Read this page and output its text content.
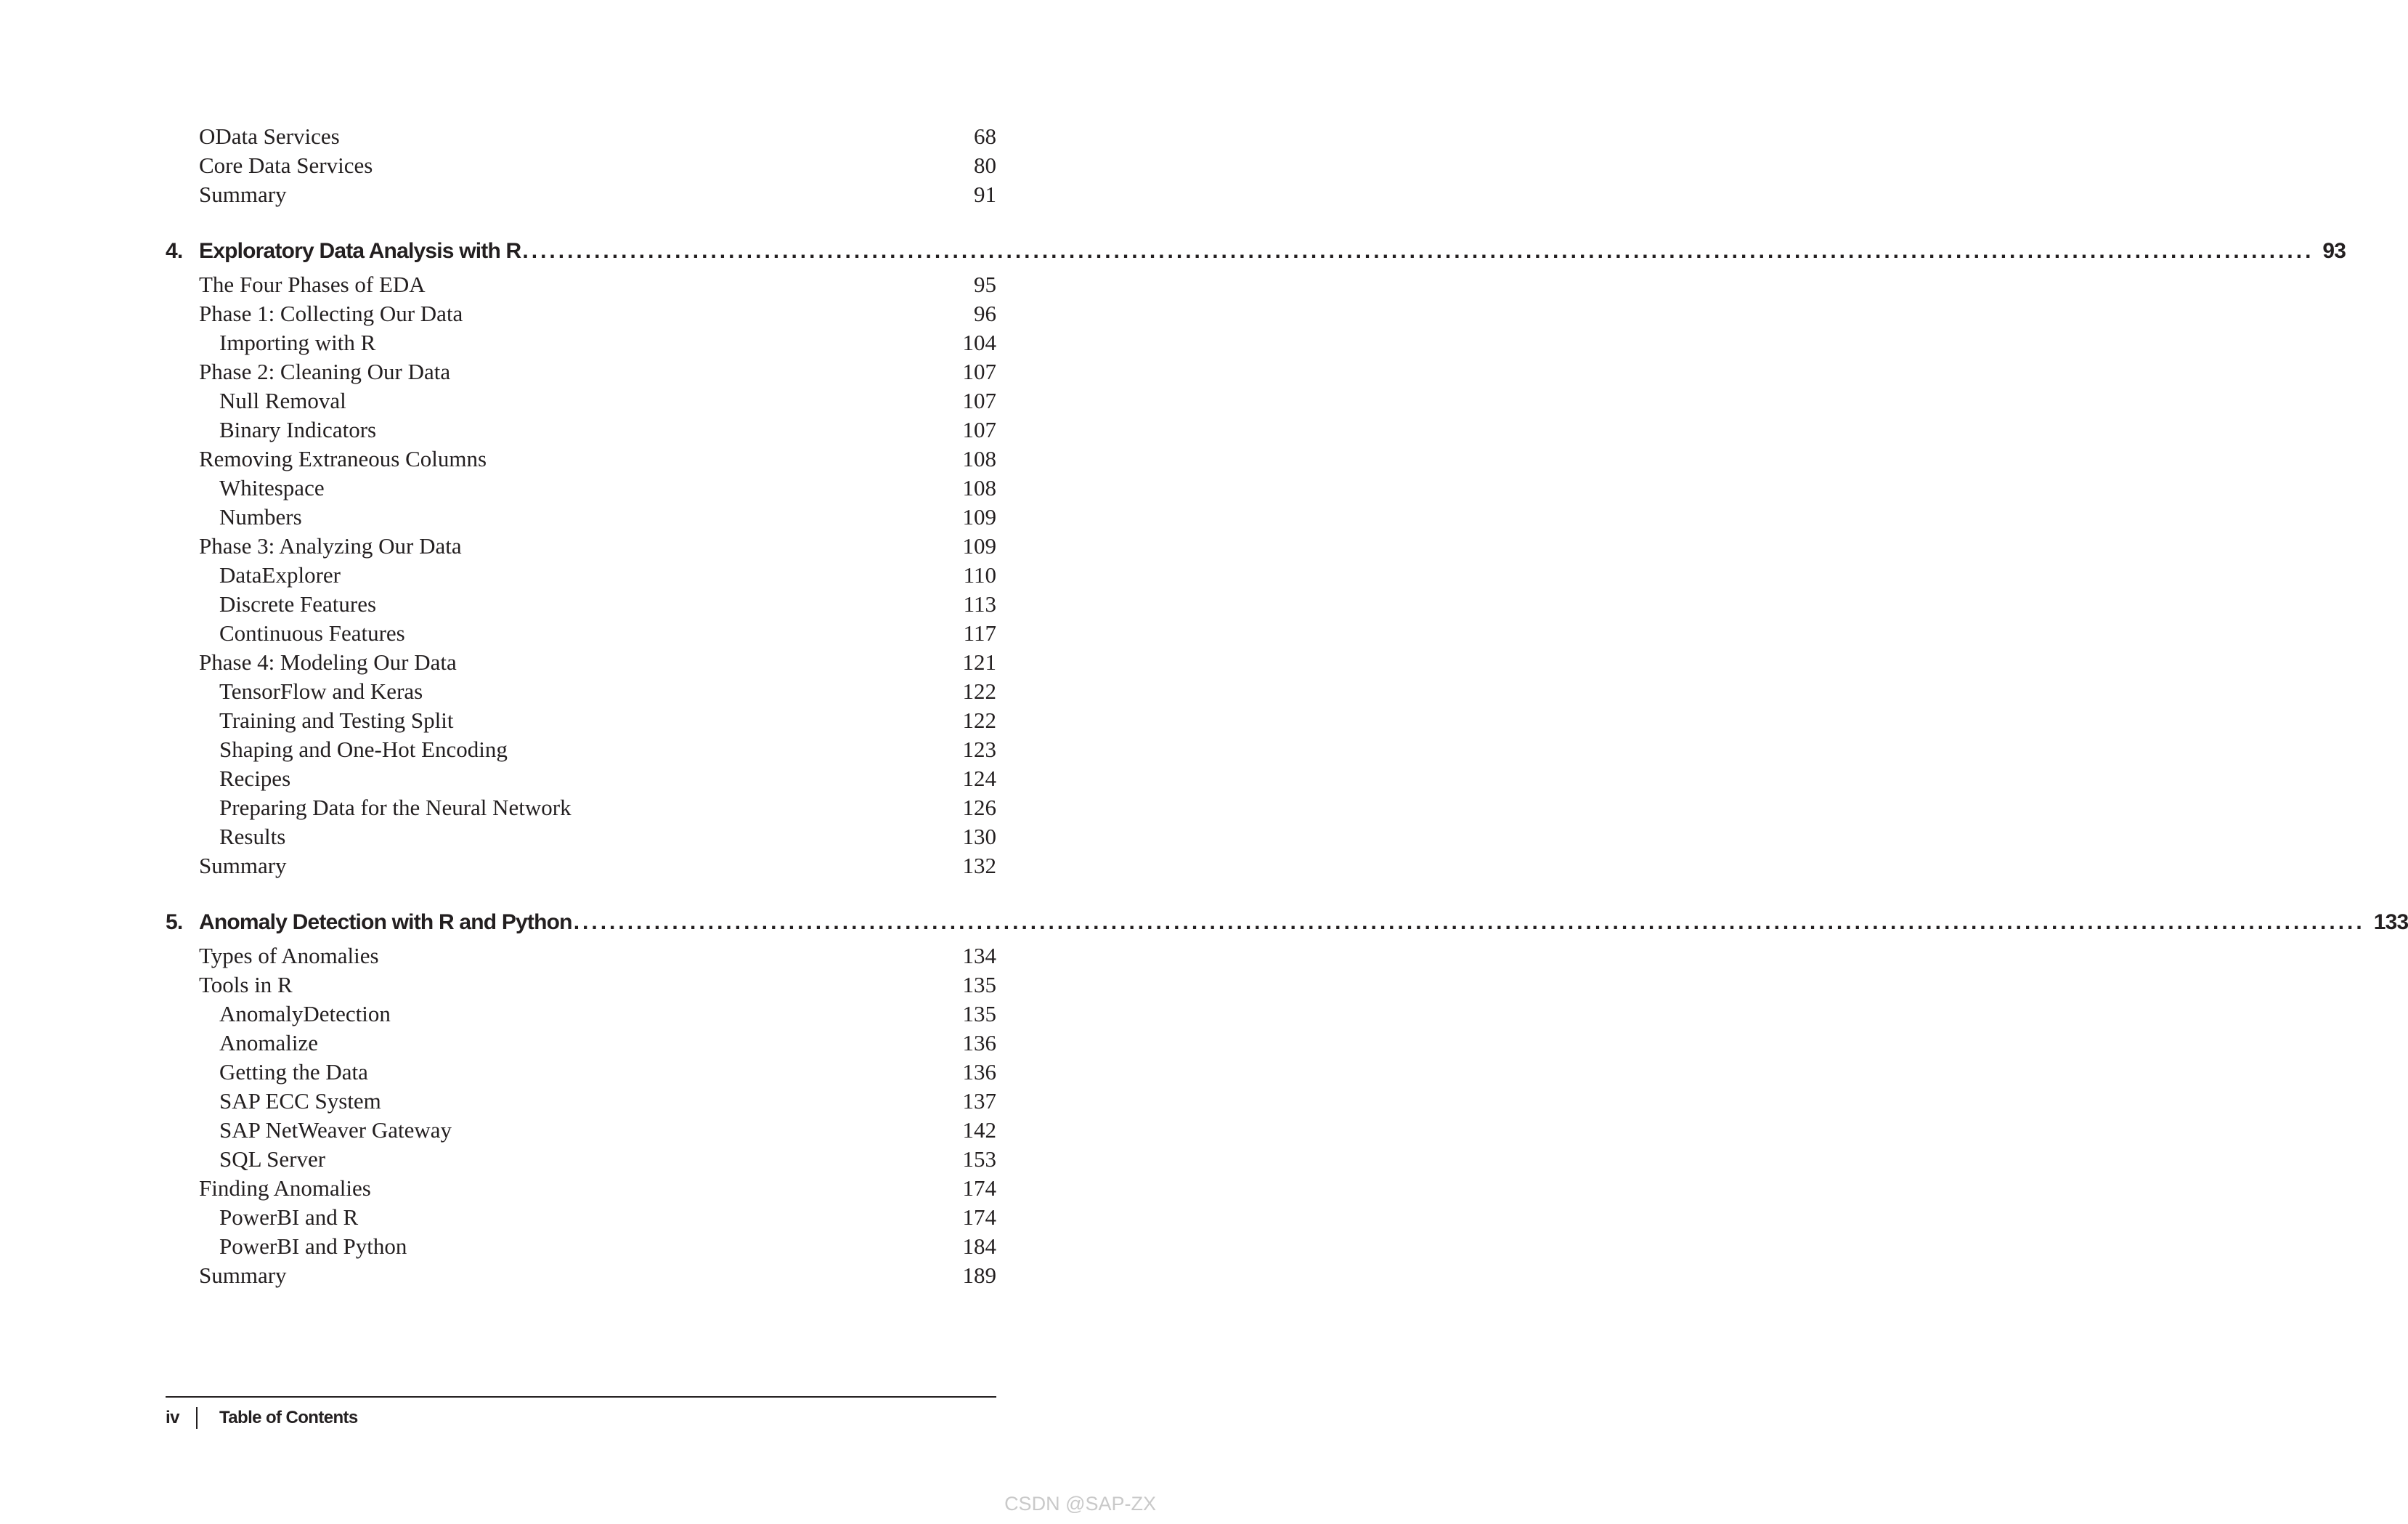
OData Services	68
Core Data Services	80
Summary	91
4. Exploratory Data Analysis with R ........................................................................................................................................................................................................ 93
The Four Phases of EDA	95
Phase 1: Collecting Our Data	96
Importing with R	104
Phase 2: Cleaning Our Data	107
Null Removal	107
Binary Indicators	107
Removing Extraneous Columns	108
Whitespace	108
Numbers	109
Phase 3: Analyzing Our Data	109
DataExplorer	110
Discrete Features	113
Continuous Features	117
Phase 4: Modeling Our Data	121
TensorFlow and Keras	122
Training and Testing Split	122
Shaping and One-Hot Encoding	123
Recipes	124
Preparing Data for the Neural Network	126
Results	130
Summary	132
5. Anomaly Detection with R and Python ........................................................................................................................................................................................................ 133
Types of Anomalies	134
Tools in R	135
AnomalyDetection	135
Anomalize	136
Getting the Data	136
SAP ECC System	137
SAP NetWeaver Gateway	142
SQL Server	153
Finding Anomalies	174
PowerBI and R	174
PowerBI and Python	184
Summary	189
iv	Table of Contents
CSDN @SAP-ZX
